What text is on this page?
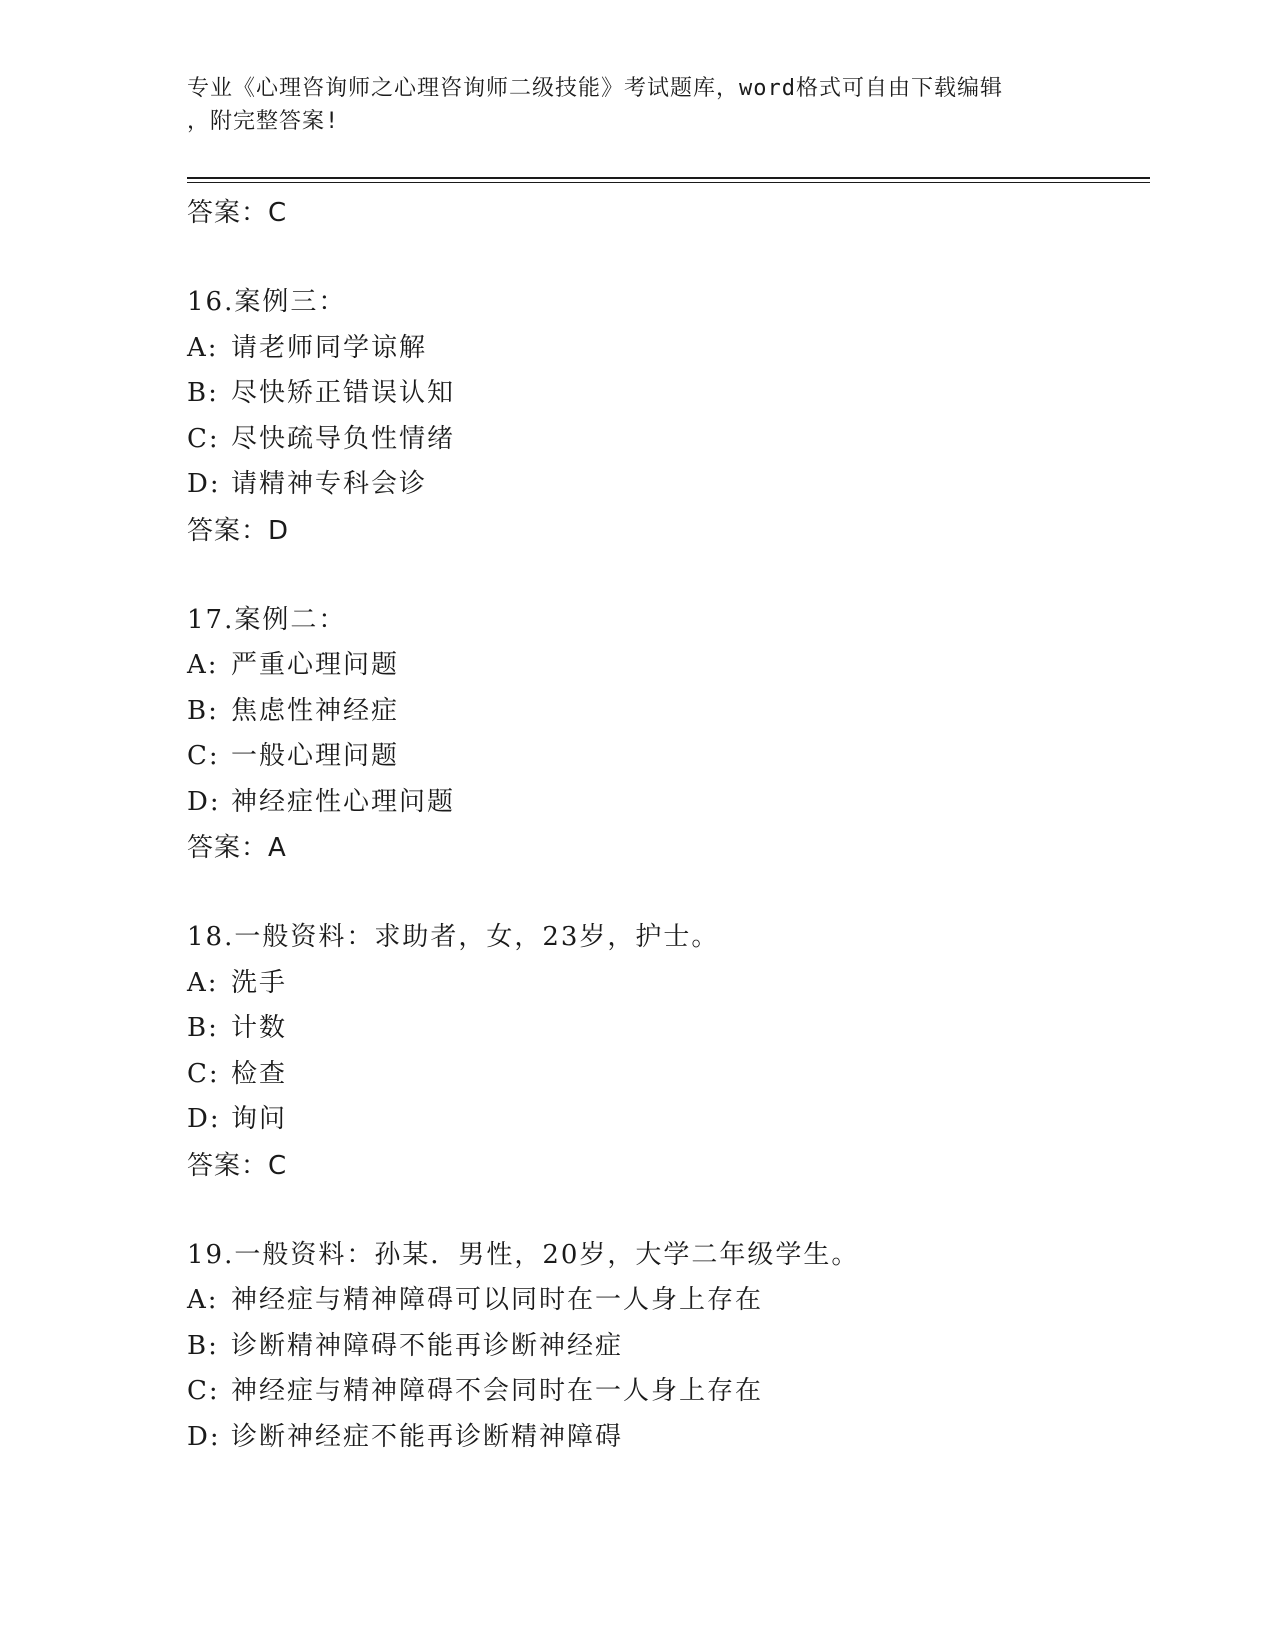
专业《心理咨询师之心理咨询师二级技能》考试题库，word格式可自由下载编辑
，附完整答案!
答案：C
16.案例三：
A: 请老师同学谅解
B: 尽快矫正错误认知
C: 尽快疏导负性情绪
D: 请精神专科会诊
答案：D
17.案例二：
A: 严重心理问题
B: 焦虑性神经症
C: 一般心理问题
D: 神经症性心理问题
答案：A
18.一般资料：求助者，女，23岁，护士。
A: 洗手
B: 计数
C: 检查
D: 询问
答案：C
19.一般资料：孙某．男性，20岁，大学二年级学生。
A: 神经症与精神障碍可以同时在一人身上存在
B: 诊断精神障碍不能再诊断神经症
C: 神经症与精神障碍不会同时在一人身上存在
D: 诊断神经症不能再诊断精神障碍
